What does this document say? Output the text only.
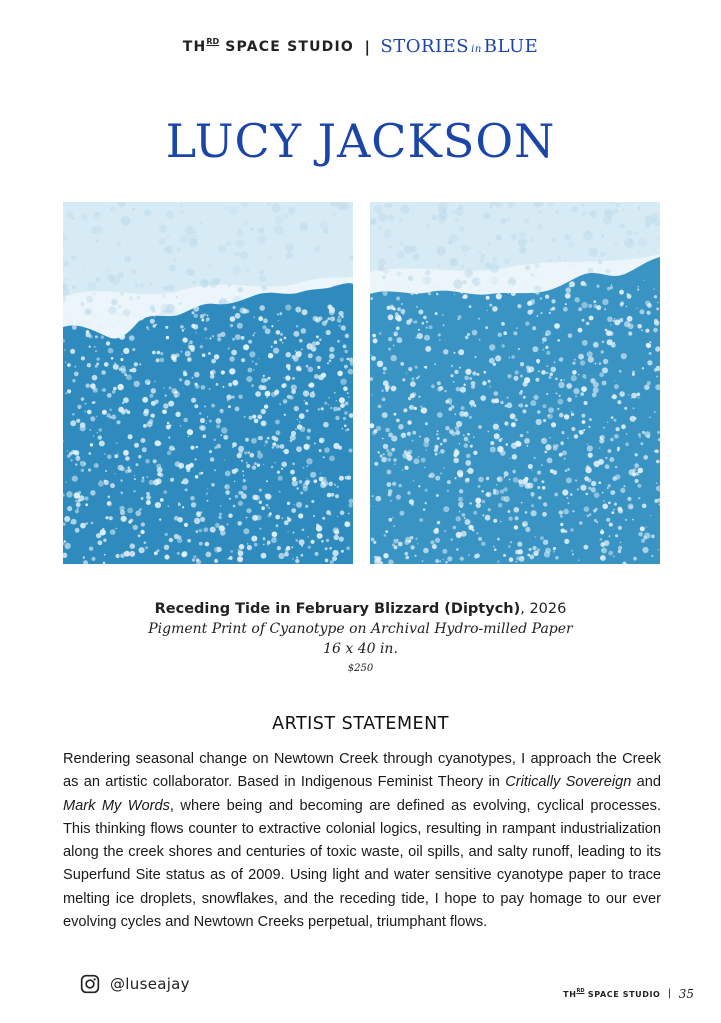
$TH^{RD}$ SPACE STUDIO | STORIES in BLUE
LUCY JACKSON
Receding Tide in February Blizzard (Diptych), 2026
Pigment Print of Cyanotype on Archival Hydro-milled Paper
16 x 40 in.
$250
ARTIST STATEMENT

Rendering seasonal change on Newtown Creek through cyanotypes, I approach the Creek as an artistic collaborator. Based in Indigenous Feminist Theory in Critically Sovereign and Mark My Words, where being and becoming are defined as evolving, cyclical processes. This thinking flows counter to extractive colonial logics, resulting in rampant industrialization along the creek shores and centuries of toxic waste, oil spills, and salty runoff, leading to its Superfund Site status as of 2009. Using light and water sensitive cyanotype paper to trace melting ice droplets, snowflakes, and the receding tide, I hope to pay homage to our ever evolving cycles and Newtown Creeks perpetual, triumphant flows.

@luseajay
$TH^{RD}$ SPACE STUDIO | 35
